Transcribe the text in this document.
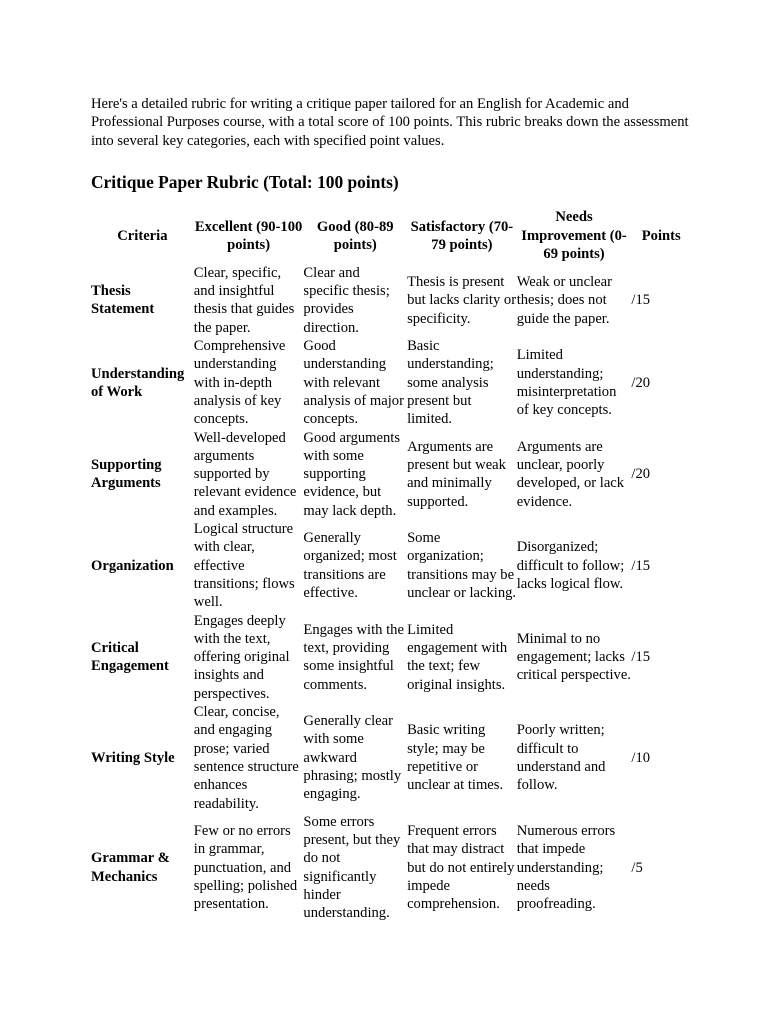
Here's a detailed rubric for writing a critique paper tailored for an English for Academic and Professional Purposes course, with a total score of 100 points. This rubric breaks down the assessment into several key categories, each with specified point values.

Critique Paper Rubric (Total: 100 points)
Criteria	Excellent (90-100 points)	Good (80-89 points)	Satisfactory (70-79 points)	Needs Improvement (0-69 points)	Points
Thesis Statement	Clear, specific, and insightful thesis that guides the paper.	Clear and specific thesis; provides direction.	Thesis is present but lacks clarity or specificity.	Weak or unclear thesis; does not guide the paper.	/15
Understanding of Work	Comprehensive understanding with in-depth analysis of key concepts.	Good understanding with relevant analysis of major concepts.	Basic understanding; some analysis present but limited.	Limited understanding; misinterpretation of key concepts.	/20
Supporting Arguments	Well-developed arguments supported by relevant evidence and examples.	Good arguments with some supporting evidence, but may lack depth.	Arguments are present but weak and minimally supported.	Arguments are unclear, poorly developed, or lack evidence.	/20
Organization	Logical structure with clear, effective transitions; flows well.	Generally organized; most transitions are effective.	Some organization; transitions may be unclear or lacking.	Disorganized; difficult to follow; lacks logical flow.	/15
Critical Engagement	Engages deeply with the text, offering original insights and perspectives.	Engages with the text, providing some insightful comments.	Limited engagement with the text; few original insights.	Minimal to no engagement; lacks critical perspective.	/15
Writing Style	Clear, concise, and engaging prose; varied sentence structure enhances readability.	Generally clear with some awkward phrasing; mostly engaging.	Basic writing style; may be repetitive or unclear at times.	Poorly written; difficult to understand and follow.	/10
Grammar & Mechanics	Few or no errors in grammar, punctuation, and spelling; polished presentation.	Some errors present, but they do not significantly hinder understanding.	Frequent errors that may distract but do not entirely impede comprehension.	Numerous errors that impede understanding; needs proofreading.	/5
